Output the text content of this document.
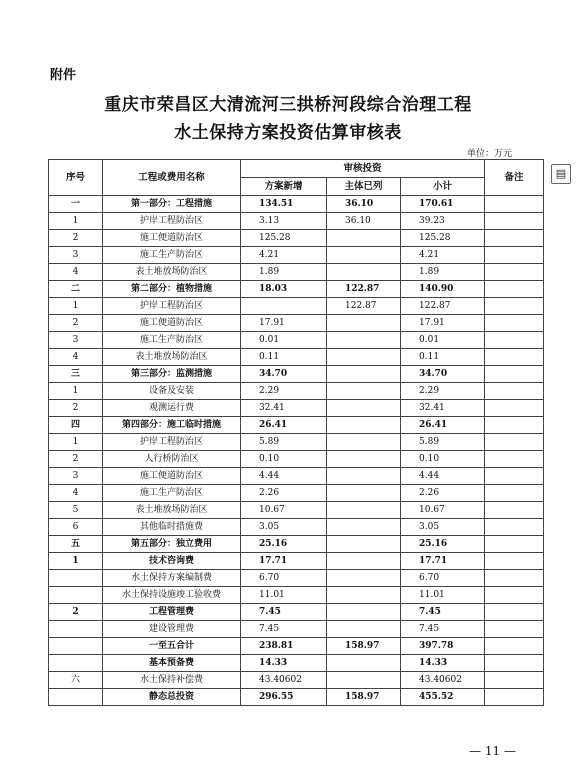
附件
重庆市荣昌区大清流河三拱桥河段综合治理工程
水土保持方案投资估算审核表
单位：万元
▤
序号	工程或费用名称	审核投资			备注
		方案新增	主体已列	小计	
一	第一部分：工程措施	134.51	36.10	170.61	
1	护岸工程防治区	3.13	36.10	39.23	
2	施工便道防治区	125.28		125.28	
3	施工生产防治区	4.21		4.21	
4	表土堆放场防治区	1.89		1.89	
二	第二部分：植物措施	18.03	122.87	140.90	
1	护岸工程防治区		122.87	122.87	
2	施工便道防治区	17.91		17.91	
3	施工生产防治区	0.01		0.01	
4	表土堆放场防治区	0.11		0.11	
三	第三部分：监测措施	34.70		34.70	
1	设备及安装	2.29		2.29	
2	观测运行费	32.41		32.41	
四	第四部分：施工临时措施	26.41		26.41	
1	护岸工程防治区	5.89		5.89	
2	人行桥防治区	0.10		0.10	
3	施工便道防治区	4.44		4.44	
4	施工生产防治区	2.26		2.26	
5	表土堆放场防治区	10.67		10.67	
6	其他临时措施费	3.05		3.05	
五	第五部分：独立费用	25.16		25.16	
1	技术咨询费	17.71		17.71	
	水土保持方案编制费	6.70		6.70	
	水土保持设施竣工验收费	11.01		11.01	
2	工程管理费	7.45		7.45	
	建设管理费	7.45		7.45	
	一至五合计	238.81	158.97	397.78	
	基本预备费	14.33		14.33	
六	水土保持补偿费	43.40602		43.40602	
	静态总投资	296.55	158.97	455.52	
— 11 —
